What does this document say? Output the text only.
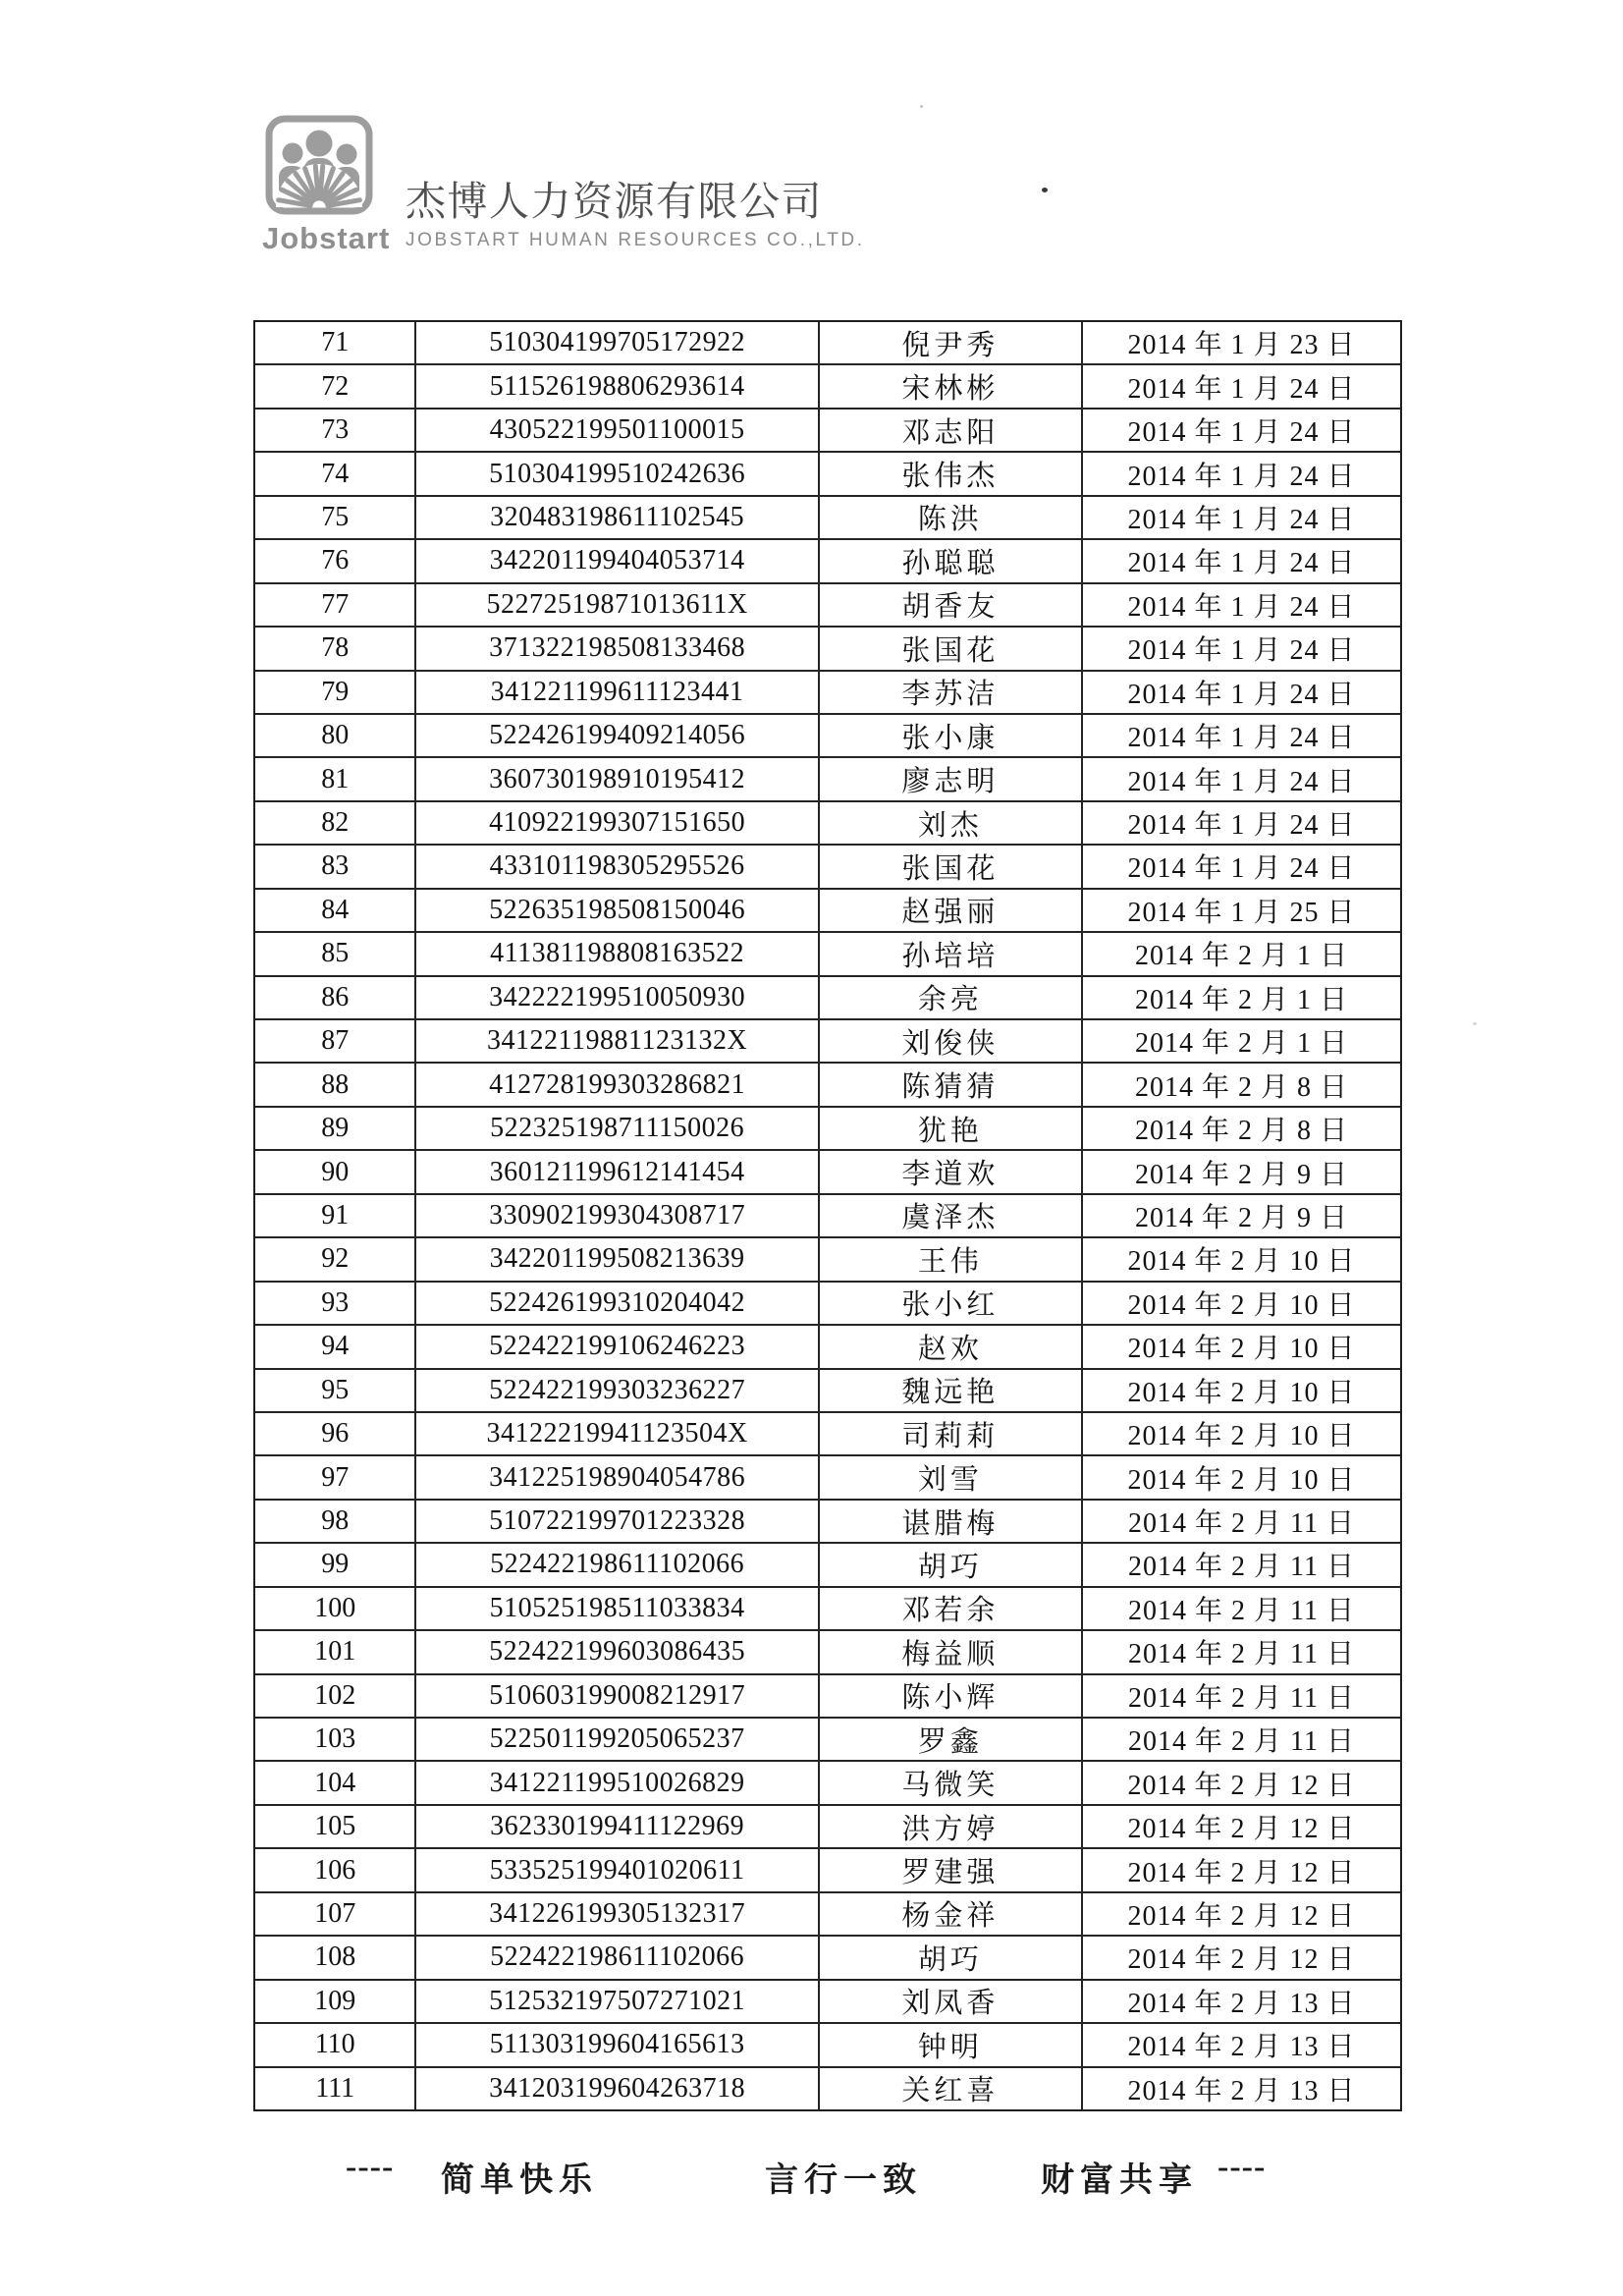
Jobstart
杰博人力资源有限公司
JOBSTART HUMAN RESOURCES CO.,LTD.
71	510304199705172922	倪尹秀	2014 年 1 月 23 日
72	511526198806293614	宋林彬	2014 年 1 月 24 日
73	430522199501100015	邓志阳	2014 年 1 月 24 日
74	510304199510242636	张伟杰	2014 年 1 月 24 日
75	320483198611102545	陈洪	2014 年 1 月 24 日
76	342201199404053714	孙聪聪	2014 年 1 月 24 日
77	52272519871013611X	胡香友	2014 年 1 月 24 日
78	371322198508133468	张国花	2014 年 1 月 24 日
79	341221199611123441	李苏洁	2014 年 1 月 24 日
80	522426199409214056	张小康	2014 年 1 月 24 日
81	360730198910195412	廖志明	2014 年 1 月 24 日
82	410922199307151650	刘杰	2014 年 1 月 24 日
83	433101198305295526	张国花	2014 年 1 月 24 日
84	522635198508150046	赵强丽	2014 年 1 月 25 日
85	411381198808163522	孙培培	2014 年 2 月 1 日
86	342222199510050930	余亮	2014 年 2 月 1 日
87	34122119881123132X	刘俊侠	2014 年 2 月 1 日
88	412728199303286821	陈猜猜	2014 年 2 月 8 日
89	522325198711150026	犹艳	2014 年 2 月 8 日
90	360121199612141454	李道欢	2014 年 2 月 9 日
91	330902199304308717	虞泽杰	2014 年 2 月 9 日
92	342201199508213639	王伟	2014 年 2 月 10 日
93	522426199310204042	张小红	2014 年 2 月 10 日
94	522422199106246223	赵欢	2014 年 2 月 10 日
95	522422199303236227	魏远艳	2014 年 2 月 10 日
96	34122219941123504X	司莉莉	2014 年 2 月 10 日
97	341225198904054786	刘雪	2014 年 2 月 10 日
98	510722199701223328	谌腊梅	2014 年 2 月 11 日
99	522422198611102066	胡巧	2014 年 2 月 11 日
100	510525198511033834	邓若余	2014 年 2 月 11 日
101	522422199603086435	梅益顺	2014 年 2 月 11 日
102	510603199008212917	陈小辉	2014 年 2 月 11 日
103	522501199205065237	罗鑫	2014 年 2 月 11 日
104	341221199510026829	马微笑	2014 年 2 月 12 日
105	362330199411122969	洪方婷	2014 年 2 月 12 日
106	533525199401020611	罗建强	2014 年 2 月 12 日
107	341226199305132317	杨金祥	2014 年 2 月 12 日
108	522422198611102066	胡巧	2014 年 2 月 12 日
109	512532197507271021	刘凤香	2014 年 2 月 13 日
110	511303199604165613	钟明	2014 年 2 月 13 日
111	341203199604263718	关红喜	2014 年 2 月 13 日
---- 简单快乐	言行一致	财富共享 ----
